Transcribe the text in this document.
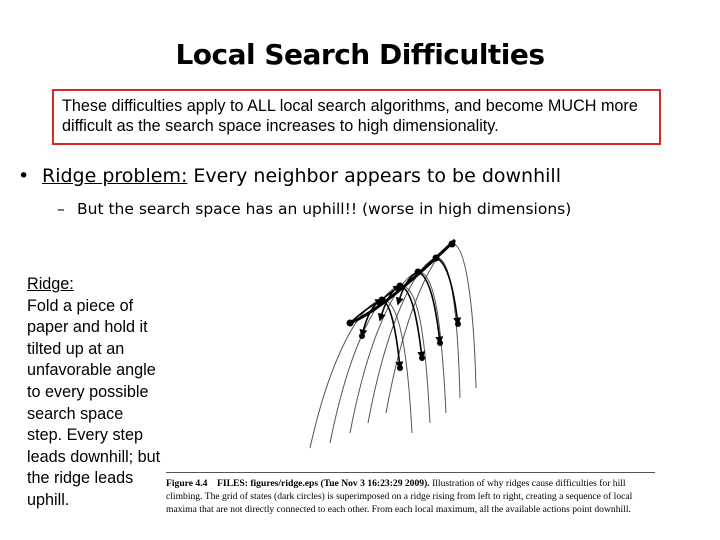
Local Search Difficulties
These difficulties apply to ALL local search algorithms, and become MUCH more difficult as the search space increases to high dimensionality.
• Ridge problem: Every neighbor appears to be downhill
– But the search space has an uphill!! (worse in high dimensions)
Ridge:
Fold a piece of paper and hold it tilted up at an unfavorable angle to every possible search space step. Every step leads downhill; but the ridge leads uphill.
Figure 4.4 FILES: figures/ridge.eps (Tue Nov 3 16:23:29 2009). Illustration of why ridges cause difficulties for hill climbing. The grid of states (dark circles) is superimposed on a ridge rising from left to right, creating a sequence of local maxima that are not directly connected to each other. From each local maximum, all the available actions point downhill.
